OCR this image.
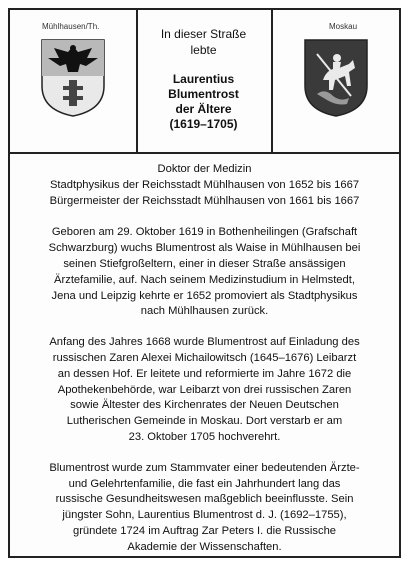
Mühlhausen/Th.
In dieser Straße
lebte
Laurentius
Blumentrost
der Ältere
(1619–1705)
Moskau

Doktor der Medizin
Stadtphysikus der Reichsstadt Mühlhausen von 1652 bis 1667
Bürgermeister der Reichsstadt Mühlhausen von 1661 bis 1667

Geboren am 29. Oktober 1619 in Bothenheilingen (Grafschaft
Schwarzburg) wuchs Blumentrost als Waise in Mühlhausen bei
seinen Stiefgroßeltern, einer in dieser Straße ansässigen
Ärztefamilie, auf. Nach seinem Medizinstudium in Helmstedt,
Jena und Leipzig kehrte er 1652 promoviert als Stadtphysikus
nach Mühlhausen zurück.

Anfang des Jahres 1668 wurde Blumentrost auf Einladung des
russischen Zaren Alexei Michailowitsch (1645–1676) Leibarzt
an dessen Hof. Er leitete und reformierte im Jahre 1672 die
Apothekenbehörde, war Leibarzt von drei russischen Zaren
sowie Ältester des Kirchenrates der Neuen Deutschen
Lutherischen Gemeinde in Moskau. Dort verstarb er am
23. Oktober 1705 hochverehrt.

Blumentrost wurde zum Stammvater einer bedeutenden Ärzte-
und Gelehrtenfamilie, die fast ein Jahrhundert lang das
russische Gesundheitswesen maßgeblich beeinflusste. Sein
jüngster Sohn, Laurentius Blumentrost d. J. (1692–1755),
gründete 1724 im Auftrag Zar Peters I. die Russische
Akademie der Wissenschaften.
